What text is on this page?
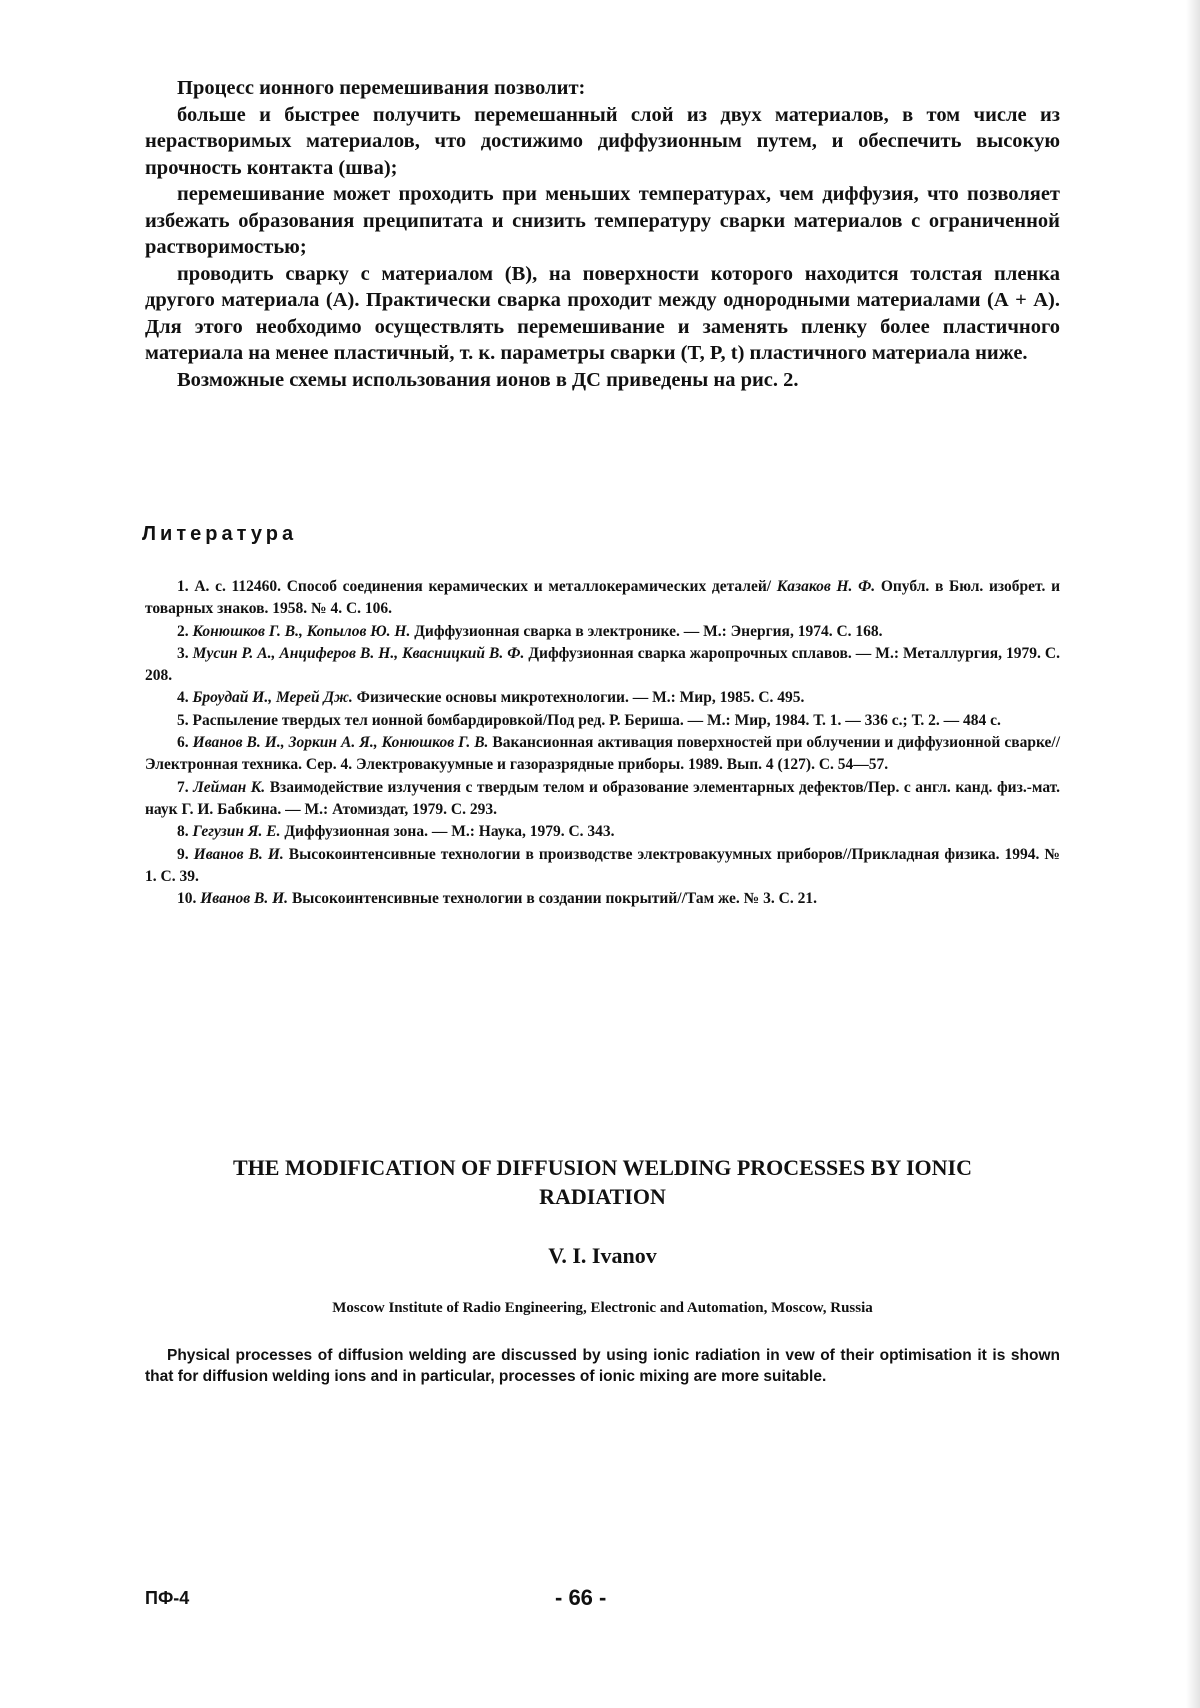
Процесс ионного перемешивания позволит:

больше и быстрее получить перемешанный слой из двух материалов, в том числе из нерастворимых материалов, что достижимо диффузионным путем, и обеспечить высокую прочность контакта (шва);

перемешивание может проходить при меньших температурах, чем диффузия, что позволяет избежать образования преципитата и снизить температуру сварки материалов с ограниченной растворимостью;

проводить сварку с материалом (В), на поверхности которого находится толстая пленка другого материала (А). Практически сварка проходит между однородными материалами (А + А). Для этого необходимо осуществлять перемешивание и заменять пленку более пластичного материала на менее пластичный, т. к. параметры сварки (T, P, t) пластичного материала ниже.

Возможные схемы использования ионов в ДС приведены на рис. 2.

Литература

1. А. с. 112460. Способ соединения керамических и металлокерамических деталей/ Казаков Н. Ф. Опубл. в Бюл. изобрет. и товарных знаков. 1958. № 4. С. 106.

2. Конюшков Г. В., Копылов Ю. Н. Диффузионная сварка в электронике. — М.: Энергия, 1974. С. 168.

3. Мусин Р. А., Анциферов В. Н., Квасницкий В. Ф. Диффузионная сварка жаропрочных сплавов. — М.: Металлургия, 1979. С. 208.

4. Броудай И., Мерей Дж. Физические основы микротехнологии. — М.: Мир, 1985. С. 495.

5. Распыление твердых тел ионной бомбардировкой/Под ред. Р. Бериша. — М.: Мир, 1984. Т. 1. — 336 с.; Т. 2. — 484 с.

6. Иванов В. И., Зоркин А. Я., Конюшков Г. В. Вакансионная активация поверхностей при облучении и диффузионной сварке//Электронная техника. Сер. 4. Электровакуумные и газоразрядные приборы. 1989. Вып. 4 (127). С. 54—57.

7. Лейман К. Взаимодействие излучения с твердым телом и образование элементарных дефектов/Пер. с англ. канд. физ.-мат. наук Г. И. Бабкина. — М.: Атомиздат, 1979. С. 293.

8. Гегузин Я. Е. Диффузионная зона. — М.: Наука, 1979. С. 343.

9. Иванов В. И. Высокоинтенсивные технологии в производстве электровакуумных приборов//Прикладная физика. 1994. № 1. С. 39.

10. Иванов В. И. Высокоинтенсивные технологии в создании покрытий//Там же. № 3. С. 21.

THE MODIFICATION OF DIFFUSION WELDING PROCESSES BY IONIC
RADIATION
V. I. Ivanov
Moscow Institute of Radio Engineering, Electronic and Automation, Moscow, Russia

Physical processes of diffusion welding are discussed by using ionic radiation in vew of their optimisation it is shown that for diffusion welding ions and in particular, processes of ionic mixing are more suitable.

ПФ-4	- 66 -
